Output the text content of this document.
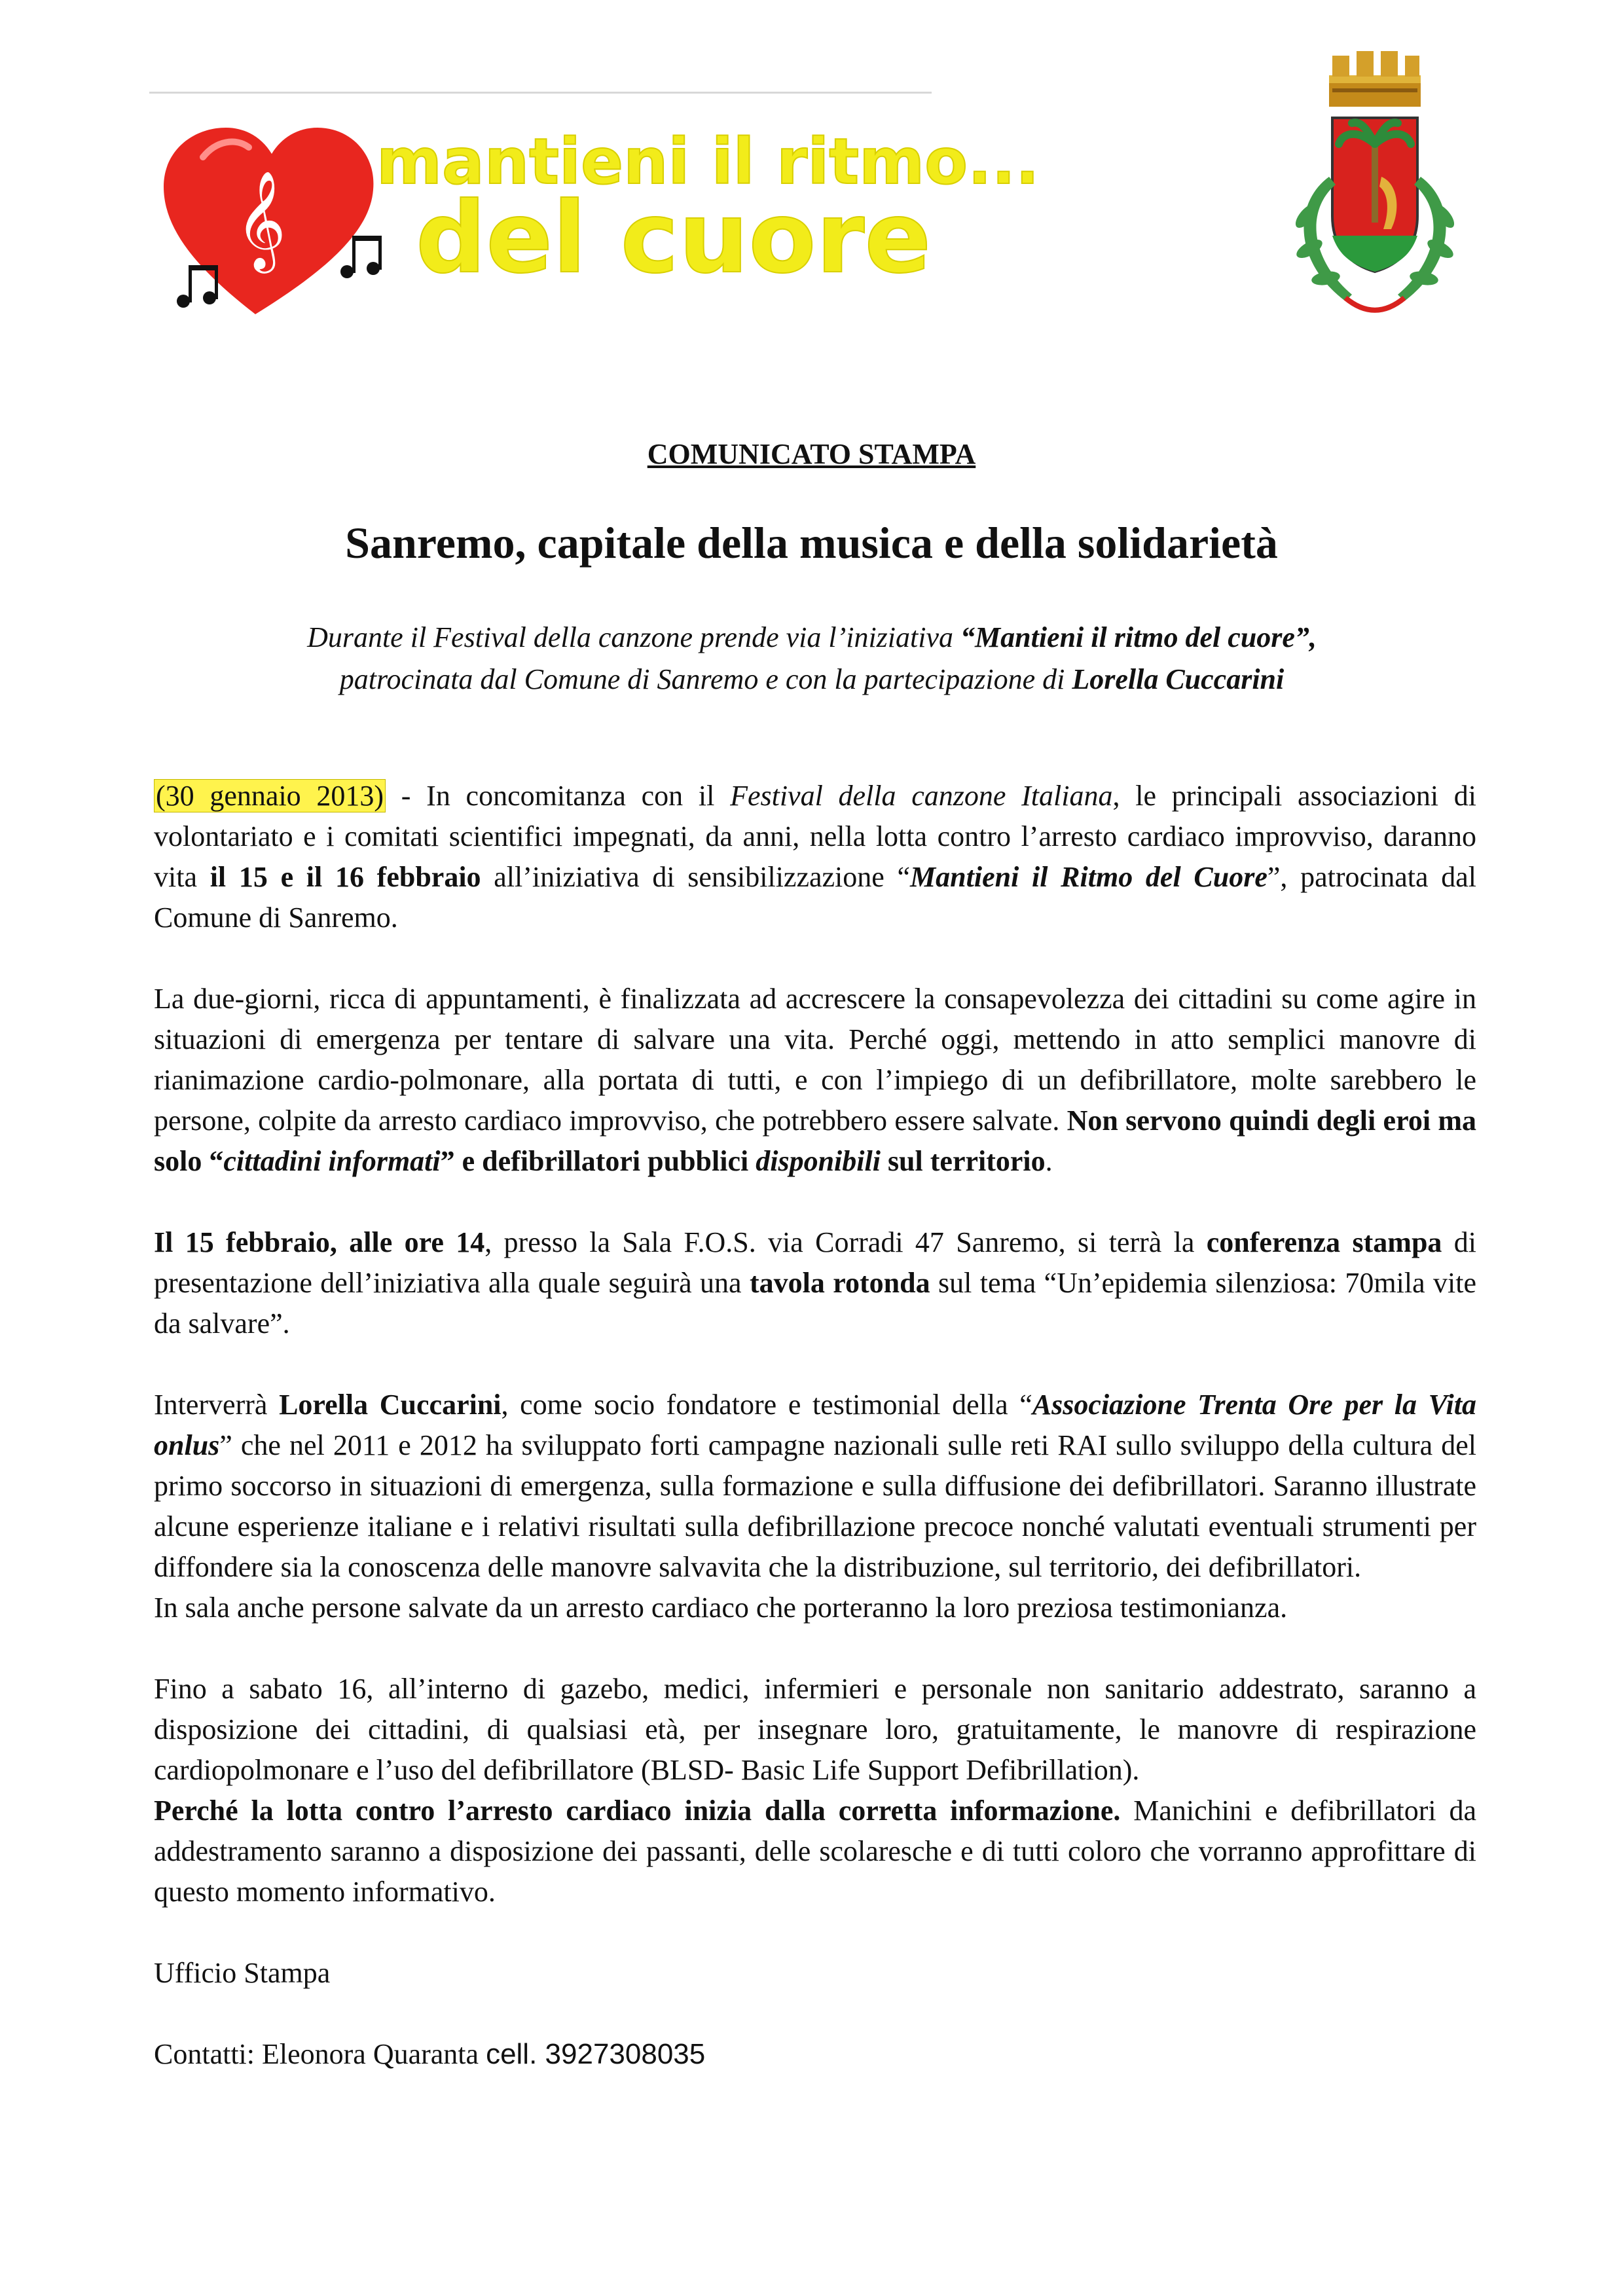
𝄞
mantieni il ritmo...
del cuore
COMUNICATO STAMPA
Sanremo, capitale della musica e della solidarietà
Durante il Festival della canzone prende via l’iniziativa “Mantieni il ritmo del cuore”,
patrocinata dal Comune di Sanremo e con la partecipazione di Lorella Cuccarini

(30 gennaio 2013) - In concomitanza con il Festival della canzone Italiana, le principali associazioni di volontariato e i comitati scientifici impegnati, da anni, nella lotta contro l’arresto cardiaco improvviso, daranno vita il 15 e il 16 febbraio all’iniziativa di sensibilizzazione “Mantieni il Ritmo del Cuore”, patrocinata dal Comune di Sanremo.

La due-giorni, ricca di appuntamenti, è finalizzata ad accrescere la consapevolezza dei cittadini su come agire in situazioni di emergenza per tentare di salvare una vita. Perché oggi, mettendo in atto semplici manovre di rianimazione cardio-polmonare, alla portata di tutti, e con l’impiego di un defibrillatore, molte sarebbero le persone, colpite da arresto cardiaco improvviso, che potrebbero essere salvate. Non servono quindi degli eroi ma solo “cittadini informati” e defibrillatori pubblici disponibili sul territorio.

Il 15 febbraio, alle ore 14, presso la Sala F.O.S. via Corradi 47 Sanremo, si terrà la conferenza stampa di presentazione dell’iniziativa alla quale seguirà una tavola rotonda sul tema “Un’epidemia silenziosa: 70mila vite da salvare”.

Interverrà Lorella Cuccarini, come socio fondatore e testimonial della “Associazione Trenta Ore per la Vita onlus” che nel 2011 e 2012 ha sviluppato forti campagne nazionali sulle reti RAI sullo sviluppo della cultura del primo soccorso in situazioni di emergenza, sulla formazione e sulla diffusione dei defibrillatori. Saranno illustrate alcune esperienze italiane e i relativi risultati sulla defibrillazione precoce nonché valutati eventuali strumenti per diffondere sia la conoscenza delle manovre salvavita che la distribuzione, sul territorio, dei defibrillatori.

In sala anche persone salvate da un arresto cardiaco che porteranno la loro preziosa testimonianza.

Fino a sabato 16, all’interno di gazebo, medici, infermieri e personale non sanitario addestrato, saranno a disposizione dei cittadini, di qualsiasi età, per insegnare loro, gratuitamente, le manovre di respirazione cardiopolmonare e l’uso del defibrillatore (BLSD- Basic Life Support Defibrillation).

Perché la lotta contro l’arresto cardiaco inizia dalla corretta informazione. Manichini e defibrillatori da addestramento saranno a disposizione dei passanti, delle scolaresche e di tutti coloro che vorranno approfittare di questo momento informativo.

Ufficio Stampa

Contatti: Eleonora Quaranta cell. 3927308035
